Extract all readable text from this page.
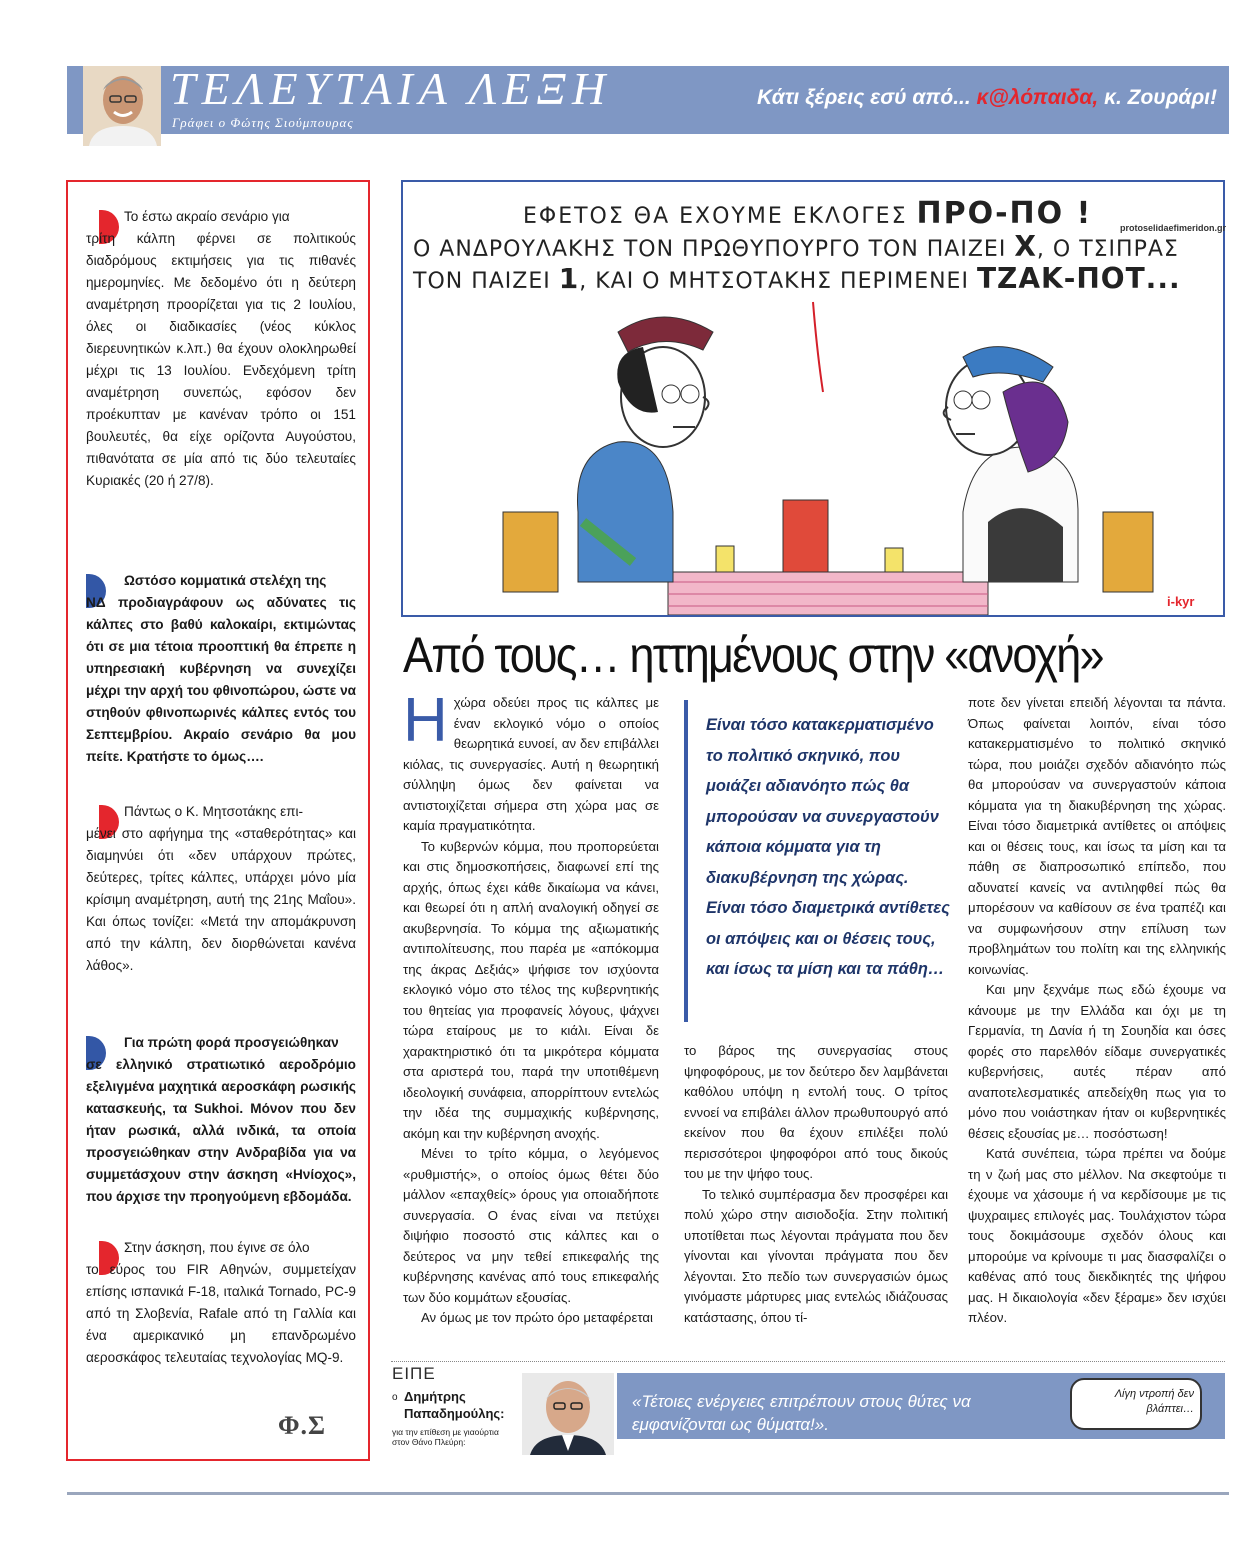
ΤΕΛΕΥΤΑΙΑ ΛΕΞΗ
Γράφει ο Φώτης Σιούμπουρας
Κάτι ξέρεις εσύ από... κ@λόπαιδα, κ. Ζουράρι!

Το έστω ακραίο σενάριο για

τρίτη κάλπη φέρνει σε πολιτικούς διαδρόμους εκτιμήσεις για τις πιθανές ημερομηνίες. Με δεδομένο ότι η δεύτερη αναμέτρηση προορίζεται για τις 2 Ιουλίου, όλες οι διαδικασίες (νέος κύκλος διερευνητικών κ.λπ.) θα έχουν ολοκληρωθεί μέχρι τις 13 Ιουλίου. Ενδεχόμενη τρίτη αναμέτρηση συνεπώς, εφόσον δεν προέκυπταν με κανέναν τρόπο οι 151 βουλευτές, θα είχε ορίζοντα Αυγούστου, πιθανότατα σε μία από τις δύο τελευταίες Κυριακές (20 ή 27/8).

Ωστόσο κομματικά στελέχη της

ΝΔ προδιαγράφουν ως αδύνατες τις κάλπες στο βαθύ καλοκαίρι, εκτιμώντας ότι σε μια τέτοια προοπτική θα έπρεπε η υπηρεσιακή κυβέρνηση να συνεχίζει μέχρι την αρχή του φθινοπώρου, ώστε να στηθούν φθινοπωρινές κάλπες εντός του Σεπτεμβρίου. Ακραίο σενάριο θα μου πείτε. Κρατήστε το όμως….

Πάντως ο Κ. Μητσοτάκης επι-

μένει στο αφήγημα της «σταθερότητας» και διαμηνύει ότι «δεν υπάρχουν πρώτες, δεύτερες, τρίτες κάλπες, υπάρχει μόνο μία κρίσιμη αναμέτρηση, αυτή της 21ης Μαΐου». Και όπως τονίζει: «Μετά την απομάκρυνση από την κάλπη, δεν διορθώνεται κανένα λάθος».

Για πρώτη φορά προσγειώθηκαν

σε ελληνικό στρατιωτικό αεροδρόμιο εξελιγμένα μαχητικά αεροσκάφη ρωσικής κατασκευής, τα Sukhoi. Μόνον που δεν ήταν ρωσικά, αλλά ινδικά, τα οποία προσγειώθηκαν στην Ανδραβίδα για να συμμετάσχουν στην άσκηση «Ηνίοχος», που άρχισε την προηγούμενη εβδομάδα.

Στην άσκηση, που έγινε σε όλο

το εύρος του FIR Αθηνών, συμμετείχαν επίσης ισπανικά F-18, ιταλικά Tornado, PC-9 από τη Σλοβενία, Rafale από τη Γαλλία και ένα αμερικανικό μη επανδρωμένο αεροσκάφος τελευταίας τεχνολογίας MQ-9.

Φ.Σ
ΕΦΕΤΟΣ ΘΑ ΕΧΟΥΜΕ ΕΚΛΟΓΕΣ ΠΡΟ-ΠΟ !
Ο ΑΝΔΡΟΥΛΑΚΗΣ ΤΟΝ ΠΡΩΘΥΠΟΥΡΓΟ ΤΟΝ ΠΑΙΖΕΙ Χ, Ο ΤΣΙΠΡΑΣ
ΤΟΝ ΠΑΙΖΕΙ 1, ΚΑΙ Ο ΜΗΤΣΟΤΑΚΗΣ ΠΕΡΙΜΕΝΕΙ ΤΖΑΚ-ΠΟΤ...
protoselidaefimeridon.gr
i-kyr
Από τους… ηττημένους στην «ανοχή»
Η χώρα οδεύει προς τις κάλπες με έναν εκλογικό νόμο ο οποίος θεωρητικά ευνοεί, αν δεν επιβάλλει κιόλας, τις συνεργασίες. Αυτή η θεωρητική σύλληψη όμως δεν φαίνεται να αντιστοιχίζεται σήμερα στη χώρα μας σε καμία πραγματικότητα.

Το κυβερνών κόμμα, που προπορεύεται και στις δημοσκοπήσεις, διαφωνεί επί της αρχής, όπως έχει κάθε δικαίωμα να κάνει, και θεωρεί ότι η απλή αναλογική οδηγεί σε ακυβερνησία. Το κόμμα της αξιωματικής αντιπολίτευσης, που παρέα με «απόκομμα της άκρας Δεξιάς» ψήφισε τον ισχύοντα εκλογικό νόμο στο τέλος της κυβερνητικής του θητείας για προφανείς λόγους, ψάχνει τώρα εταίρους με το κιάλι. Είναι δε χαρακτηριστικό ότι τα μικρότερα κόμματα στα αριστερά του, παρά την υποτιθέμενη ιδεολογική συνάφεια, απορρίπτουν εντελώς την ιδέα της συμμαχικής κυβέρνησης, ακόμη και την κυβέρνηση ανοχής.

Μένει το τρίτο κόμμα, ο λεγόμενος «ρυθμιστής», ο οποίος όμως θέτει δύο μάλλον «επαχθείς» όρους για οποιαδήποτε συνεργασία. Ο ένας είναι να πετύχει διψήφιο ποσοστό στις κάλπες και ο δεύτερος να μην τεθεί επικεφαλής της κυβέρνησης κανένας από τους επικεφαλής των δύο κομμάτων εξουσίας.

Αν όμως με τον πρώτο όρο μεταφέρεται

Είναι τόσο κατακερματισμένο το πολιτικό σκηνικό, που μοιάζει αδιανόητο πώς θα μπορούσαν να συνεργαστούν κάποια κόμματα για τη διακυβέρνηση της χώρας. Είναι τόσο διαμετρικά αντίθετες οι απόψεις και οι θέσεις τους, και ίσως τα μίση και τα πάθη…

το βάρος της συνεργασίας στους ψηφοφόρους, με τον δεύτερο δεν λαμβάνεται καθόλου υπόψη η εντολή τους. Ο τρίτος εννοεί να επιβάλει άλλον πρωθυπουργό από εκείνον που θα έχουν επιλέξει πολύ περισσότεροι ψηφοφόροι από τους δικούς του με την ψήφο τους.

Το τελικό συμπέρασμα δεν προσφέρει και πολύ χώρο στην αισιοδοξία. Στην πολιτική υποτίθεται πως λέγονται πράγματα που δεν γίνονται και γίνονται πράγματα που δεν λέγονται. Στο πεδίο των συνεργασιών όμως γινόμαστε μάρτυρες μιας εντελώς ιδιάζουσας κατάστασης, όπου τί-

ποτε δεν γίνεται επειδή λέγονται τα πάντα. Όπως φαίνεται λοιπόν, είναι τόσο κατακερματισμένο το πολιτικό σκηνικό τώρα, που μοιάζει σχεδόν αδιανόητο πώς θα μπορούσαν να συνεργαστούν κάποια κόμματα για τη διακυβέρνηση της χώρας. Είναι τόσο διαμετρικά αντίθετες οι απόψεις και οι θέσεις τους, και ίσως τα μίση και τα πάθη σε διαπροσωπικό επίπεδο, που αδυνατεί κανείς να αντιληφθεί πώς θα μπορέσουν να καθίσουν σε ένα τραπέζι και να συμφωνήσουν στην επίλυση των προβλημάτων του πολίτη και της ελληνικής κοινωνίας.

Και μην ξεχνάμε πως εδώ έχουμε να κάνουμε με την Ελλάδα και όχι με τη Γερμανία, τη Δανία ή τη Σουηδία και όσες φορές στο παρελθόν είδαμε συνεργατικές κυβερνήσεις, αυτές πέραν από αναποτελεσματικές απεδείχθη πως για το μόνο που νοιάστηκαν ήταν οι κυβερνητικές θέσεις εξουσίας με… ποσόστωση!

Κατά συνέπεια, τώρα πρέπει να δούμε τη ν ζωή μας στο μέλλον. Να σκεφτούμε τι έχουμε να χάσουμε ή να κερδίσουμε με τις ψυχραιμες επιλογές μας. Τουλάχιστον τώρα τους δοκιμάσουμε σχεδόν όλους και μπορούμε να κρίνουμε τι μας διασφαλίζει ο καθένας από τους διεκδικητές της ψήφου μας. Η δικαιολογία «δεν ξέραμε» δεν ισχύει πλέον.

ΕΙΠΕ
ο Δημήτρης Παπαδημούλης:
για την επίθεση με γιαούρτια στον Θάνο Πλεύρη:
«Τέτοιες ενέργειες επιτρέπουν στους θύτες να εμφανίζονται ως θύματα!».
Λίγη ντροπή δεν βλάπτει…
